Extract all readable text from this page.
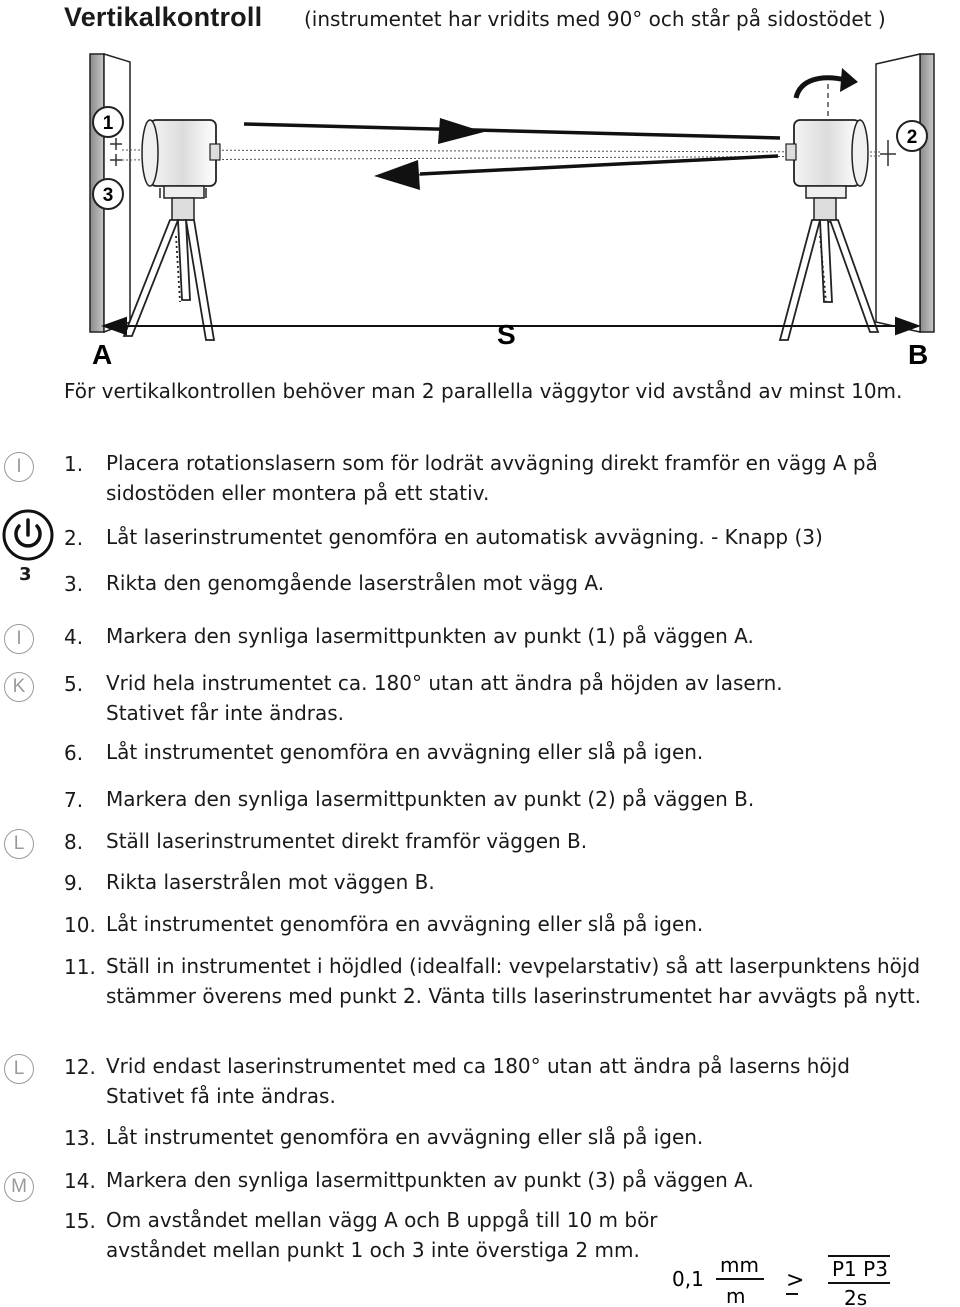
Vertikalkontroll (instrumentet har vridits med 90° och står på sidostödet )
1
3
2
A
S
B
För vertikalkontrollen behöver man 2 parallella väggytor vid avstånd av minst 10m.
I
3
I
K
L
L
M
1. Placera rotationslasern som för lodrät avvägning direkt framför en vägg A på sidostöden eller montera på ett stativ.
2. Låt laserinstrumentet genomföra en automatisk avvägning. - Knapp (3)
3. Rikta den genomgående laserstrålen mot vägg A.
4. Markera den synliga lasermittpunkten av punkt (1) på väggen A.
5. Vrid hela instrumentet ca. 180° utan att ändra på höjden av lasern. Stativet får inte ändras.
6. Låt instrumentet genomföra en avvägning eller slå på igen.
7. Markera den synliga lasermittpunkten av punkt (2) på väggen B.
8. Ställ laserinstrumentet direkt framför väggen B.
9. Rikta laserstrålen mot väggen B.
10. Låt instrumentet genomföra en avvägning eller slå på igen.
11. Ställ in instrumentet i höjdled (idealfall: vevpelarstativ) så att laserpunktens höjd stämmer överens med punkt 2. Vänta tills laserinstrumentet har avvägts på nytt.
12. Vrid endast laserinstrumentet med ca 180° utan att ändra på laserns höjd Stativet få inte ändras.
13. Låt instrumentet genomföra en avvägning eller slå på igen.
14. Markera den synliga lasermittpunkten av punkt (3) på väggen A.
15. Om avståndet mellan vägg A och B uppgå till 10 m bör avståndet mellan punkt 1 och 3 inte överstiga 2 mm.
0,1
mm
m
> P1 P3
2s
